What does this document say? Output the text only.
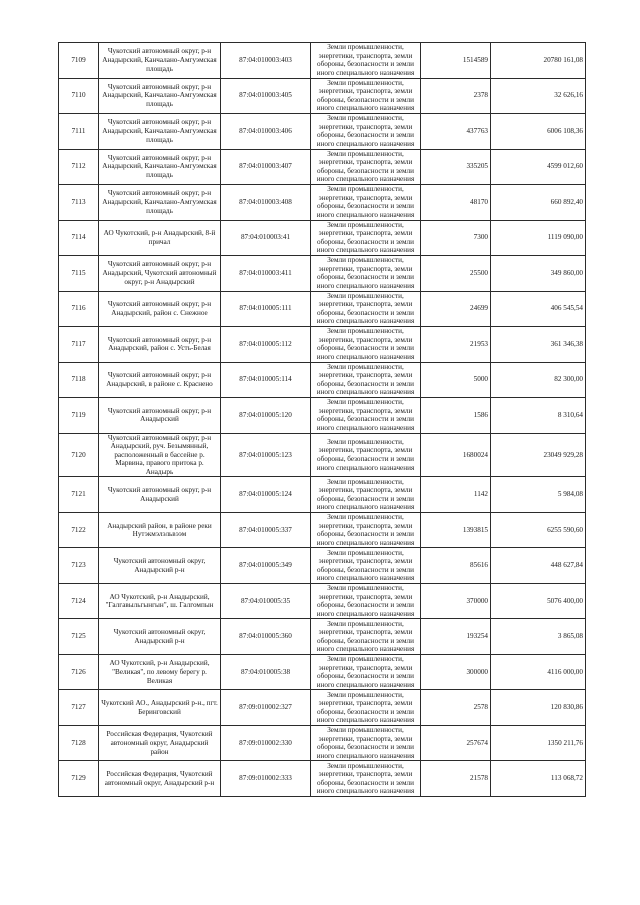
7109	Чукотский автономный округ, р-н Анадырский, Канчалано-Амгуэмская площадь	87:04:010003:403	Земли промышленности, энергетики, транспорта, земли обороны, безопасности и земли иного специального назначения	1514589	20780 161,08
7110	Чукотский автономный округ, р-н Анадырский, Канчалано-Амгуэмская площадь	87:04:010003:405	Земли промышленности, энергетики, транспорта, земли обороны, безопасности и земли иного специального назначения	2378	32 626,16
7111	Чукотский автономный округ, р-н Анадырский, Канчалано-Амгуэмская площадь	87:04:010003:406	Земли промышленности, энергетики, транспорта, земли обороны, безопасности и земли иного специального назначения	437763	6006 108,36
7112	Чукотский автономный округ, р-н Анадырский, Канчалано-Амгуэмская площадь	87:04:010003:407	Земли промышленности, энергетики, транспорта, земли обороны, безопасности и земли иного специального назначения	335205	4599 012,60
7113	Чукотский автономный округ, р-н Анадырский, Канчалано-Амгуэмская площадь	87:04:010003:408	Земли промышленности, энергетики, транспорта, земли обороны, безопасности и земли иного специального назначения	48170	660 892,40
7114	АО Чукотский, р-н Анадырский, 8-й причал	87:04:010003:41	Земли промышленности, энергетики, транспорта, земли обороны, безопасности и земли иного специального назначения	7300	1119 090,00
7115	Чукотский автономный округ, р-н Анадырский, Чукотский автономный округ, р-н Анадырский	87:04:010003:411	Земли промышленности, энергетики, транспорта, земли обороны, безопасности и земли иного специального назначения	25500	349 860,00
7116	Чукотский автономный округ, р-н Анадырский, район с. Снежное	87:04:010005:111	Земли промышленности, энергетики, транспорта, земли обороны, безопасности и земли иного специального назначения	24699	406 545,54
7117	Чукотский автономный округ, р-н Анадырский, район с. Усть-Белая	87:04:010005:112	Земли промышленности, энергетики, транспорта, земли обороны, безопасности и земли иного специального назначения	21953	361 346,38
7118	Чукотский автономный округ, р-н Анадырский, в районе с. Краснено	87:04:010005:114	Земли промышленности, энергетики, транспорта, земли обороны, безопасности и земли иного специального назначения	5000	82 300,00
7119	Чукотский автономный округ, р-н Анадырский	87:04:010005:120	Земли промышленности, энергетики, транспорта, земли обороны, безопасности и земли иного специального назначения	1586	8 310,64
7120	Чукотский автономный округ, р-н Анадырский, руч. Безымянный, расположенный в бассейне р. Марвина, правого притока р. Анадырь	87:04:010005:123	Земли промышленности, энергетики, транспорта, земли обороны, безопасности и земли иного специального назначения	1680024	23049 929,28
7121	Чукотский автономный округ, р-н Анадырский	87:04:010005:124	Земли промышленности, энергетики, транспорта, земли обороны, безопасности и земли иного специального назначения	1142	5 984,08
7122	Анадырский район, в районе реки Нутэкмэлэльвээм	87:04:010005:337	Земли промышленности, энергетики, транспорта, земли обороны, безопасности и земли иного специального назначения	1393815	6255 590,60
7123	Чукотский автономный округ, Анадырский р-н	87:04:010005:349	Земли промышленности, энергетики, транспорта, земли обороны, безопасности и земли иного специального назначения	85616	448 627,84
7124	АО Чукотский, р-н Анадырский, "Галгавыльгынгын", ш. Галгомпын	87:04:010005:35	Земли промышленности, энергетики, транспорта, земли обороны, безопасности и земли иного специального назначения	370000	5076 400,00
7125	Чукотский автономный округ, Анадырский р-н	87:04:010005:360	Земли промышленности, энергетики, транспорта, земли обороны, безопасности и земли иного специального назначения	193254	3 865,08
7126	АО Чукотский, р-н Анадырский, "Великая", по левому берегу р. Великая	87:04:010005:38	Земли промышленности, энергетики, транспорта, земли обороны, безопасности и земли иного специального назначения	300000	4116 000,00
7127	Чукотский АО., Анадырский р-н., пгт. Беринговский	87:09:010002:327	Земли промышленности, энергетики, транспорта, земли обороны, безопасности и земли иного специального назначения	2578	120 830,86
7128	Российская Федерация, Чукотский автономный округ, Анадырский район	87:09:010002:330	Земли промышленности, энергетики, транспорта, земли обороны, безопасности и земли иного специального назначения	257674	1350 211,76
7129	Российская Федерация, Чукотский автономный округ, Анадырский р-н	87:09:010002:333	Земли промышленности, энергетики, транспорта, земли обороны, безопасности и земли иного специального назначения	21578	113 068,72
